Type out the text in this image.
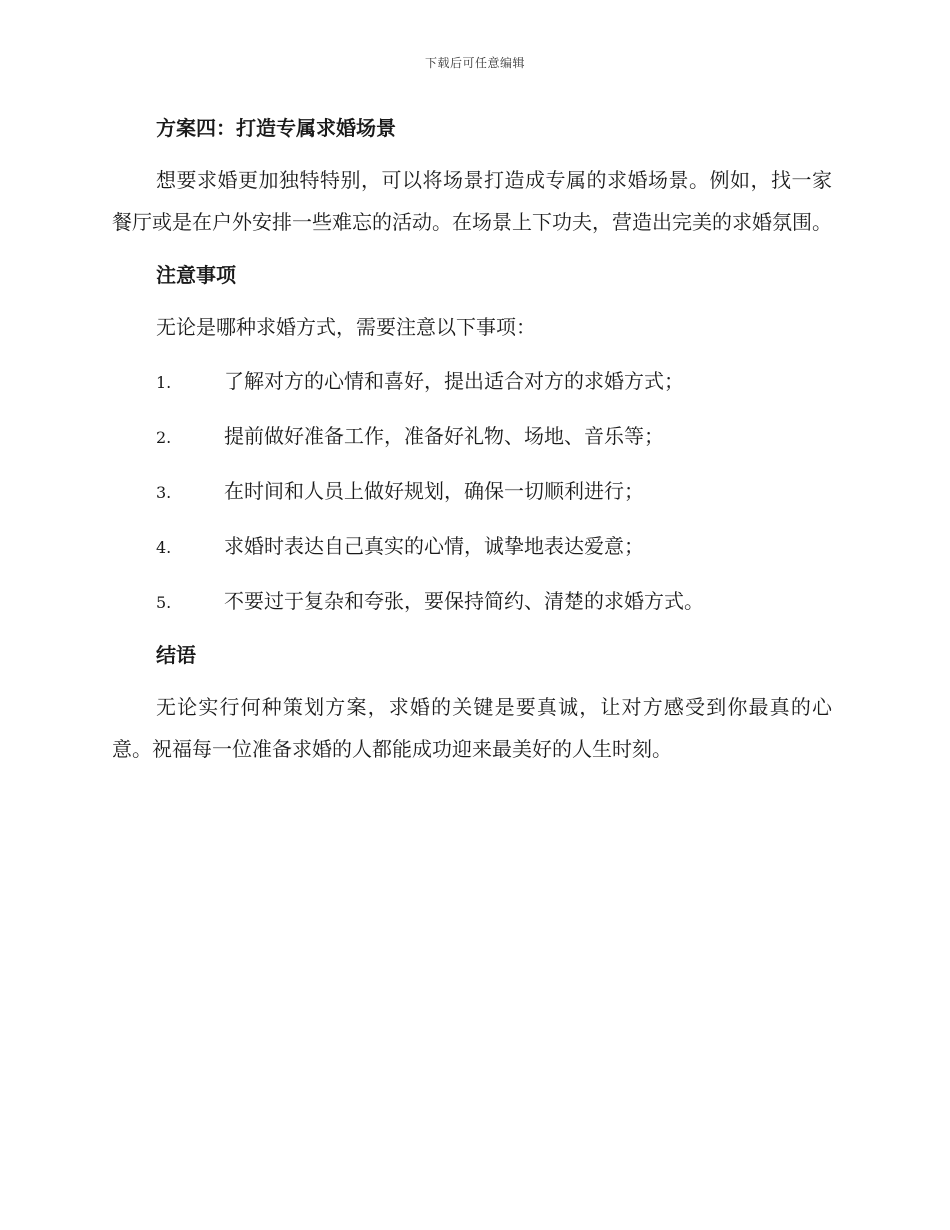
下载后可任意编辑
方案四：打造专属求婚场景

想要求婚更加独特特别，可以将场景打造成专属的求婚场景。例如，找一家餐厅或是在户外安排一些难忘的活动。在场景上下功夫，营造出完美的求婚氛围。

注意事项

无论是哪种求婚方式，需要注意以下事项：

1.	了解对方的心情和喜好，提出适合对方的求婚方式；
2.	提前做好准备工作，准备好礼物、场地、音乐等；
3.	在时间和人员上做好规划，确保一切顺利进行；
4.	求婚时表达自己真实的心情，诚挚地表达爱意；
5.	不要过于复杂和夸张，要保持简约、清楚的求婚方式。
结语

无论实行何种策划方案，求婚的关键是要真诚，让对方感受到你最真的心意。祝福每一位准备求婚的人都能成功迎来最美好的人生时刻。
